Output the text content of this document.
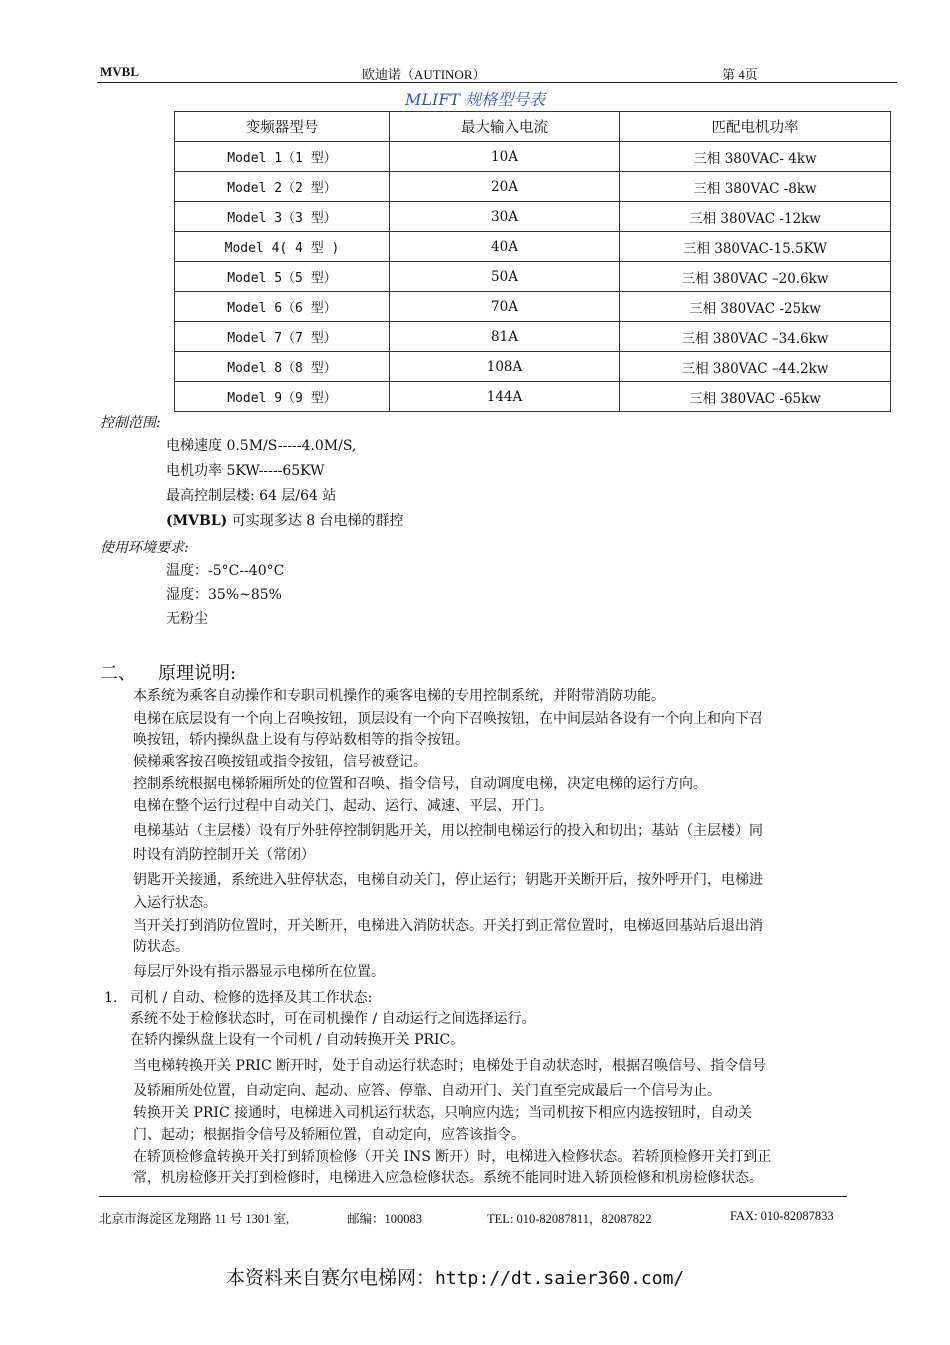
MVBL	欧迪诺（AUTINOR）	第 4页
MLIFT 规格型号表
变频器型号	最大输入电流	匹配电机功率
Model 1（1 型）	10A	三相 380VAC- 4kw
Model 2（2 型）	20A	三相 380VAC -8kw
Model 3（3 型）	30A	三相 380VAC -12kw
Model 4( 4 型 )	40A	三相 380VAC-15.5KW
Model 5（5 型）	50A	三相 380VAC –20.6kw
Model 6（6 型）	70A	三相 380VAC -25kw
Model 7（7 型）	81A	三相 380VAC –34.6kw
Model 8（8 型）	108A	三相 380VAC –44.2kw
Model 9（9 型）	144A	三相 380VAC -65kw
控制范围:
电梯速度 0.5M/S-----4.0M/S,
电机功率 5KW-----65KW
最高控制层楼: 64 层/64 站
(MVBL) 可实现多达 8 台电梯的群控
使用环境要求:
温度：-5°C--40°C
湿度：35%~85%
无粉尘
二、 原理说明:
本系统为乘客自动操作和专职司机操作的乘客电梯的专用控制系统，并附带消防功能。
电梯在底层设有一个向上召唤按钮，顶层设有一个向下召唤按钮，在中间层站各设有一个向上和向下召
唤按钮，轿内操纵盘上设有与停站数相等的指令按钮。
候梯乘客按召唤按钮或指令按钮，信号被登记。
控制系统根据电梯轿厢所处的位置和召唤、指令信号，自动调度电梯，决定电梯的运行方向。
电梯在整个运行过程中自动关门、起动、运行、减速、平层、开门。
电梯基站（主层楼）设有厅外驻停控制钥匙开关，用以控制电梯运行的投入和切出；基站（主层楼）同
时设有消防控制开关（常闭）
钥匙开关接通，系统进入驻停状态，电梯自动关门，停止运行；钥匙开关断开后，按外呼开门，电梯进
入运行状态。
当开关打到消防位置时，开关断开，电梯进入消防状态。开关打到正常位置时，电梯返回基站后退出消
防状态。
每层厅外设有指示器显示电梯所在位置。
1. 司机 / 自动、检修的选择及其工作状态:
系统不处于检修状态时，可在司机操作 / 自动运行之间选择运行。
在轿内操纵盘上设有一个司机 / 自动转换开关 PRIC。
当电梯转换开关 PRIC 断开时，处于自动运行状态时；电梯处于自动状态时，根据召唤信号、指令信号
及轿厢所处位置，自动定向、起动、应答、停靠、自动开门、关门直至完成最后一个信号为止。
转换开关 PRIC 接通时，电梯进入司机运行状态，只响应内选；当司机按下相应内选按钮时，自动关
门、起动；根据指令信号及轿厢位置，自动定向，应答该指令。
在轿顶检修盒转换开关打到轿顶检修（开关 INS 断开）时，电梯进入检修状态。若轿顶检修开关打到正
常，机房检修开关打到检修时，电梯进入应急检修状态。系统不能同时进入轿顶检修和机房检修状态。
北京市海淀区龙翔路 11 号 1301 室,	邮编：100083	TEL: 010-82087811，82087822	FAX: 010-82087833
本资料来自赛尔电梯网：http://dt.saier360.com/
